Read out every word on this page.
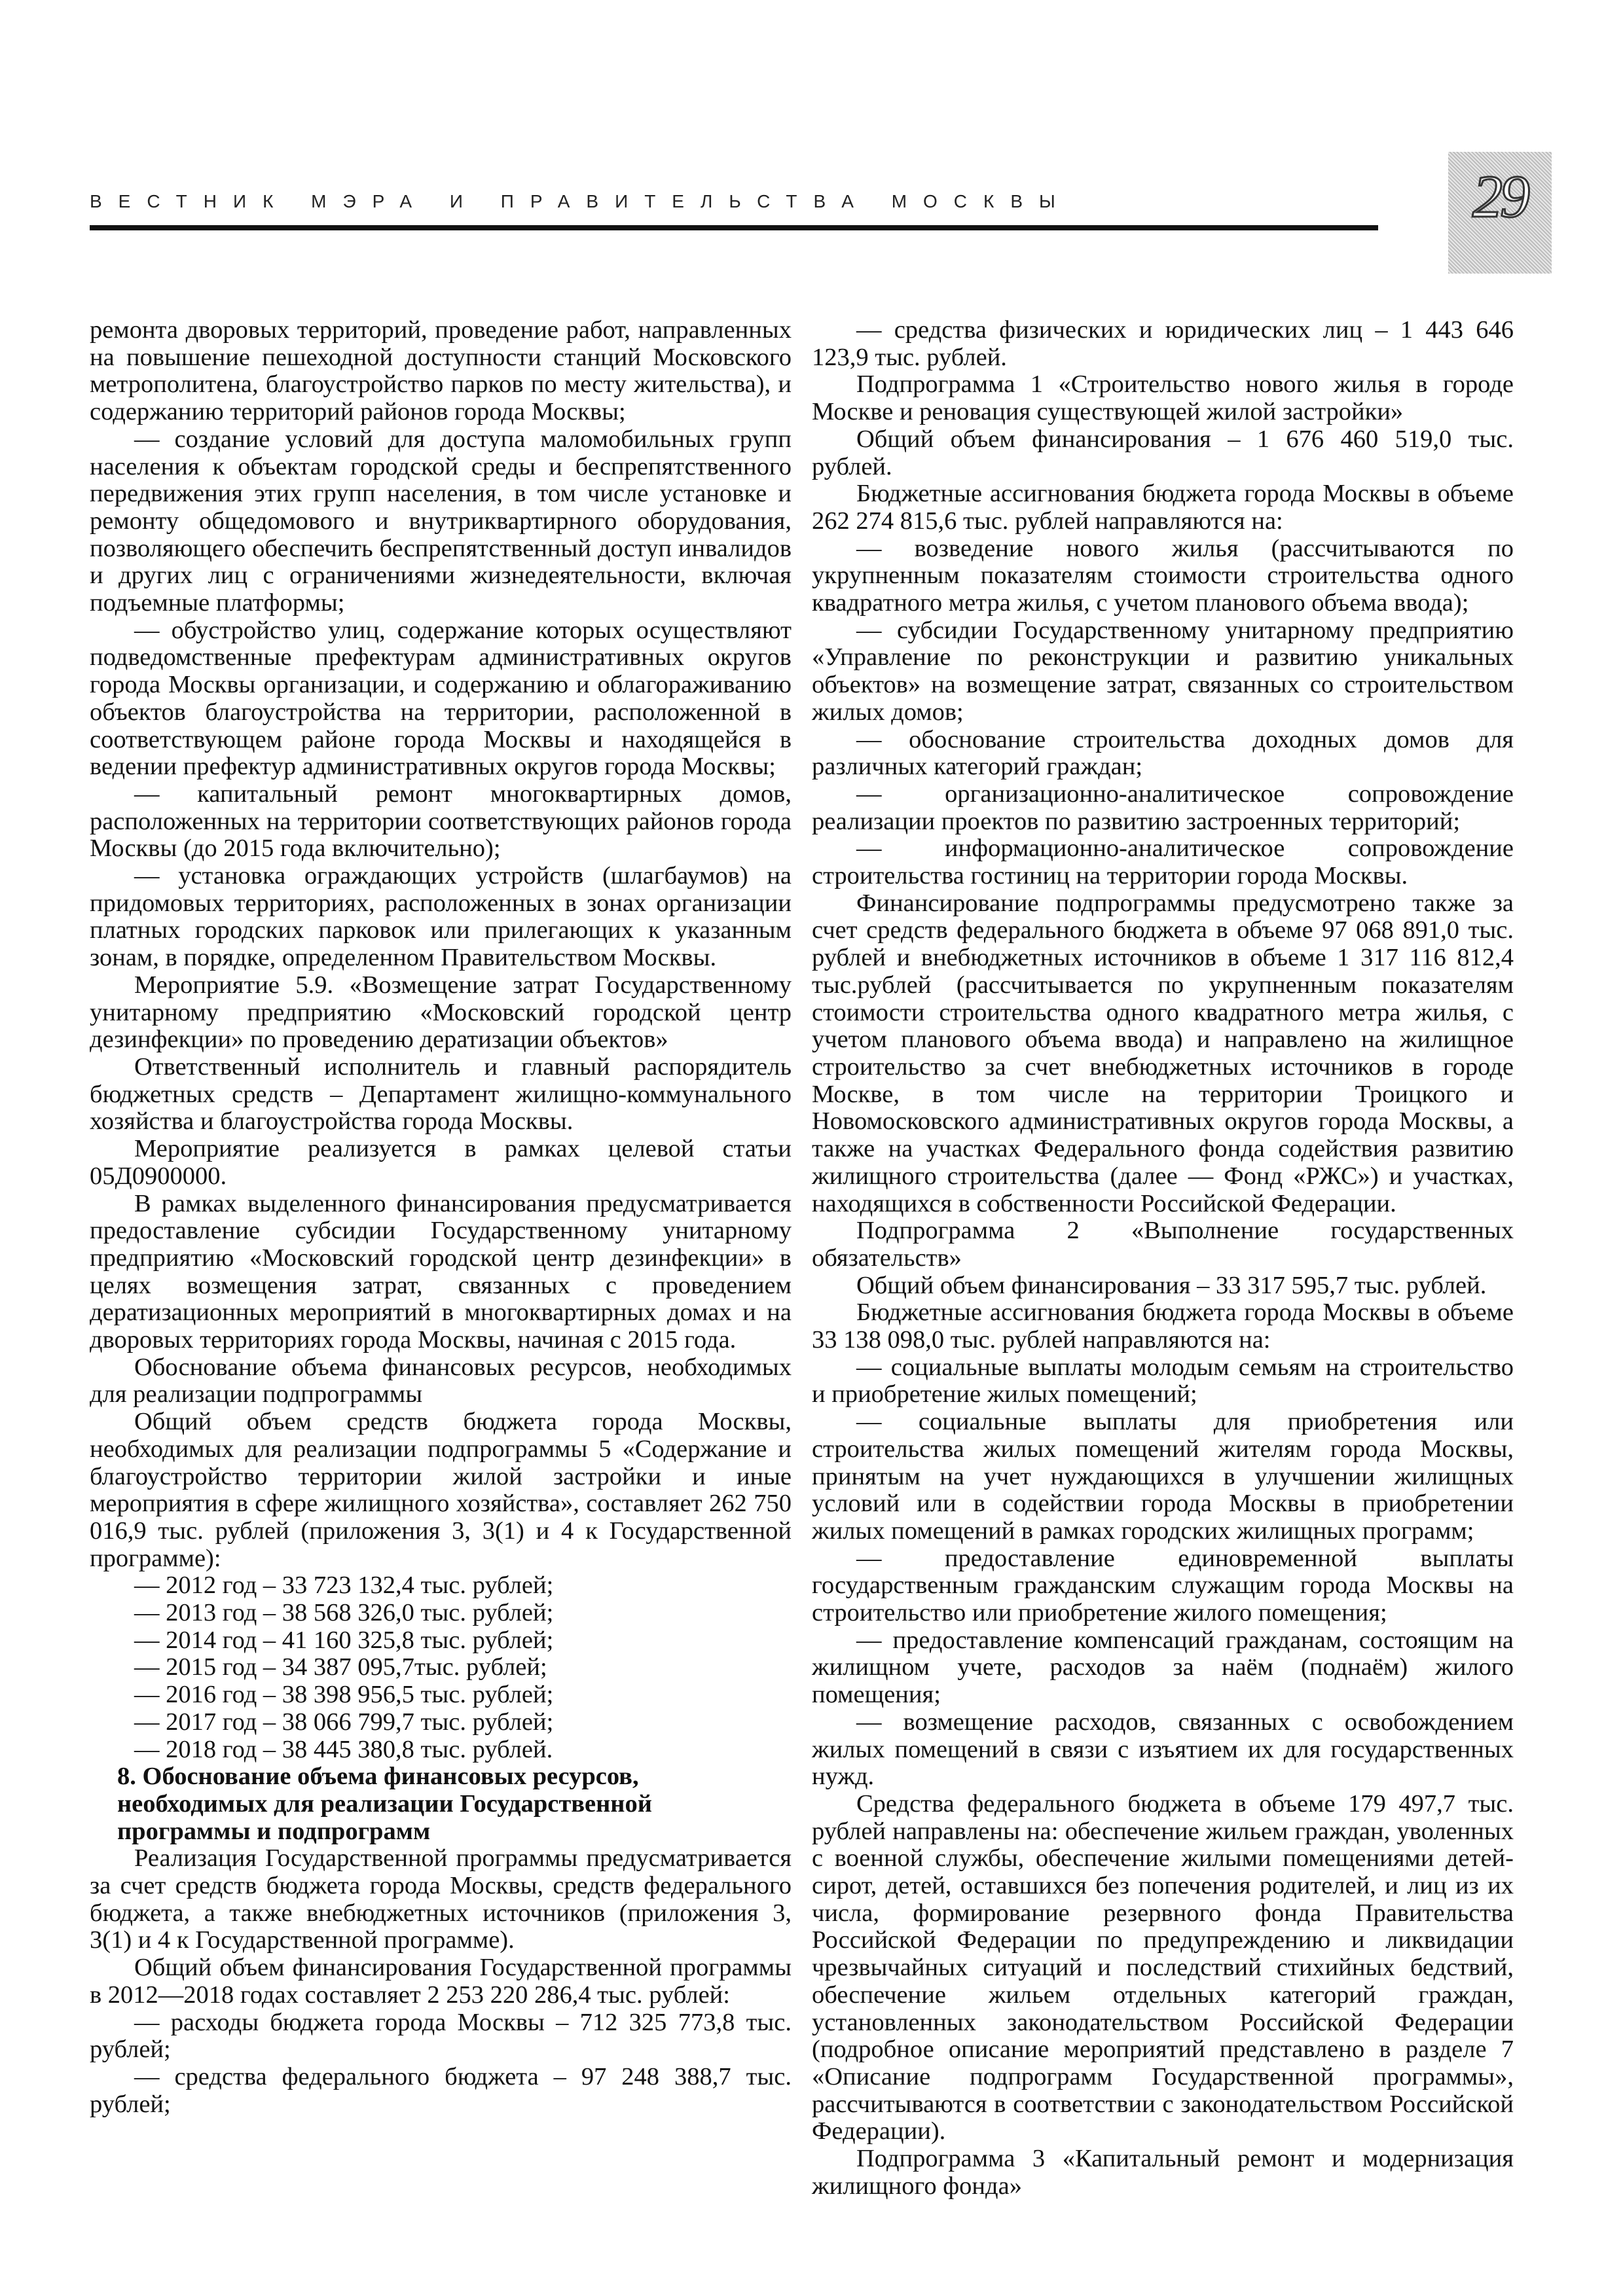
ВЕСТНИК МЭРА И ПРАВИТЕЛЬСТВА МОСКВЫ	29

ремонта дворовых территорий, проведение работ, направленных на повышение пешеходной доступности станций Московского метрополитена, благоустройство парков по месту жительства), и содержанию территорий районов города Москвы;

— создание условий для доступа маломобильных групп населения к объектам городской среды и беспрепятственного передвижения этих групп населения, в том числе установке и ремонту общедомового и внутриквартирного оборудования, позволяющего обеспечить беспрепятственный доступ инвалидов и других лиц с ограничениями жизнедеятельности, включая подъемные платформы;

— обустройство улиц, содержание которых осуществляют подведомственные префектурам административных округов города Москвы организации, и содержанию и облагораживанию объектов благоустройства на территории, расположенной в соответствующем районе города Москвы и находящейся в ведении префектур административных округов города Москвы;

— капитальный ремонт многоквартирных домов, расположенных на территории соответствующих районов города Москвы (до 2015 года включительно);

— установка ограждающих устройств (шлагбаумов) на придомовых территориях, расположенных в зонах организации платных городских парковок или прилегающих к указанным зонам, в порядке, определенном Правительством Москвы.

Мероприятие 5.9. «Возмещение затрат Государственному унитарному предприятию «Московский городской центр дезинфекции» по проведению дератизации объектов»

Ответственный исполнитель и главный распорядитель бюджетных средств – Департамент жилищно-коммунального хозяйства и благоустройства города Москвы.

Мероприятие реализуется в рамках целевой статьи 05Д0900000.

В рамках выделенного финансирования предусматривается предоставление субсидии Государственному унитарному предприятию «Московский городской центр дезинфекции» в целях возмещения затрат, связанных с проведением дератизационных мероприятий в многоквартирных домах и на дворовых территориях города Москвы, начиная с 2015 года.

Обоснование объема финансовых ресурсов, необходимых для реализации подпрограммы

Общий объем средств бюджета города Москвы, необходимых для реализации подпрограммы 5 «Содержание и благоустройство территории жилой застройки и иные мероприятия в сфере жилищного хозяйства», составляет 262 750 016,9 тыс. рублей (приложения 3, 3(1) и 4 к Государственной программе):

— 2012 год – 33 723 132,4 тыс. рублей;

— 2013 год – 38 568 326,0 тыс. рублей;

— 2014 год – 41 160 325,8 тыс. рублей;

— 2015 год – 34 387 095,7тыс. рублей;

— 2016 год – 38 398 956,5 тыс. рублей;

— 2017 год – 38 066 799,7 тыс. рублей;

— 2018 год – 38 445 380,8 тыс. рублей.

8. Обоснование объема финансовых ресурсов, необходимых для реализации Государственной программы и подпрограмм

Реализация Государственной программы предусматривается за счет средств бюджета города Москвы, средств федерального бюджета, а также внебюджетных источников (приложения 3, 3(1) и 4 к Государственной программе).

Общий объем финансирования Государственной программы в 2012—2018 годах составляет 2 253 220 286,4 тыс. рублей:

— расходы бюджета города Москвы – 712 325 773,8 тыс. рублей;

— средства федерального бюджета – 97 248 388,7 тыс. рублей;

— средства физических и юридических лиц – 1 443 646 123,9 тыс. рублей.

Подпрограмма 1 «Строительство нового жилья в городе Москве и реновация существующей жилой застройки»

Общий объем финансирования – 1 676 460 519,0 тыс. рублей.

Бюджетные ассигнования бюджета города Москвы в объеме 262 274 815,6 тыс. рублей направляются на:

— возведение нового жилья (рассчитываются по укрупненным показателям стоимости строительства одного квадратного метра жилья, с учетом планового объема ввода);

— субсидии Государственному унитарному предприятию «Управление по реконструкции и развитию уникальных объектов» на возмещение затрат, связанных со строительством жилых домов;

— обоснование строительства доходных домов для различных категорий граждан;

— организационно-аналитическое сопровождение реализации проектов по развитию застроенных территорий;

— информационно-аналитическое сопровождение строительства гостиниц на территории города Москвы.

Финансирование подпрограммы предусмотрено также за счет средств федерального бюджета в объеме 97 068 891,0 тыс. рублей и внебюджетных источников в объеме 1 317 116 812,4 тыс.рублей (рассчитывается по укрупненным показателям стоимости строительства одного квадратного метра жилья, с учетом планового объема ввода) и направлено на жилищное строительство за счет внебюджетных источников в городе Москве, в том числе на территории Троицкого и Новомосковского административных округов города Москвы, а также на участках Федерального фонда содействия развитию жилищного строительства (далее — Фонд «РЖС») и участках, находящихся в собственности Российской Федерации.

Подпрограмма 2 «Выполнение государственных обязательств»

Общий объем финансирования – 33 317 595,7 тыс. рублей.

Бюджетные ассигнования бюджета города Москвы в объеме 33 138 098,0 тыс. рублей направляются на:

— социальные выплаты молодым семьям на строительство и приобретение жилых помещений;

— социальные выплаты для приобретения или строительства жилых помещений жителям города Москвы, принятым на учет нуждающихся в улучшении жилищных условий или в содействии города Москвы в приобретении жилых помещений в рамках городских жилищных программ;

— предоставление единовременной выплаты государственным гражданским служащим города Москвы на строительство или приобретение жилого помещения;

— предоставление компенсаций гражданам, состоящим на жилищном учете, расходов за наём (поднаём) жилого помещения;

— возмещение расходов, связанных с освобождением жилых помещений в связи с изъятием их для государственных нужд.

Средства федерального бюджета в объеме 179 497,7 тыс. рублей направлены на: обеспечение жильем граждан, уволенных с военной службы, обеспечение жилыми помещениями детей-сирот, детей, оставшихся без попечения родителей, и лиц из их числа, формирование резервного фонда Правительства Российской Федерации по предупреждению и ликвидации чрезвычайных ситуаций и последствий стихийных бедствий, обеспечение жильем отдельных категорий граждан, установленных законодательством Российской Федерации (подробное описание мероприятий представлено в разделе 7 «Описание подпрограмм Государственной программы», рассчитываются в соответствии с законодательством Российской Федерации).

Подпрограмма 3 «Капитальный ремонт и модернизация жилищного фонда»
